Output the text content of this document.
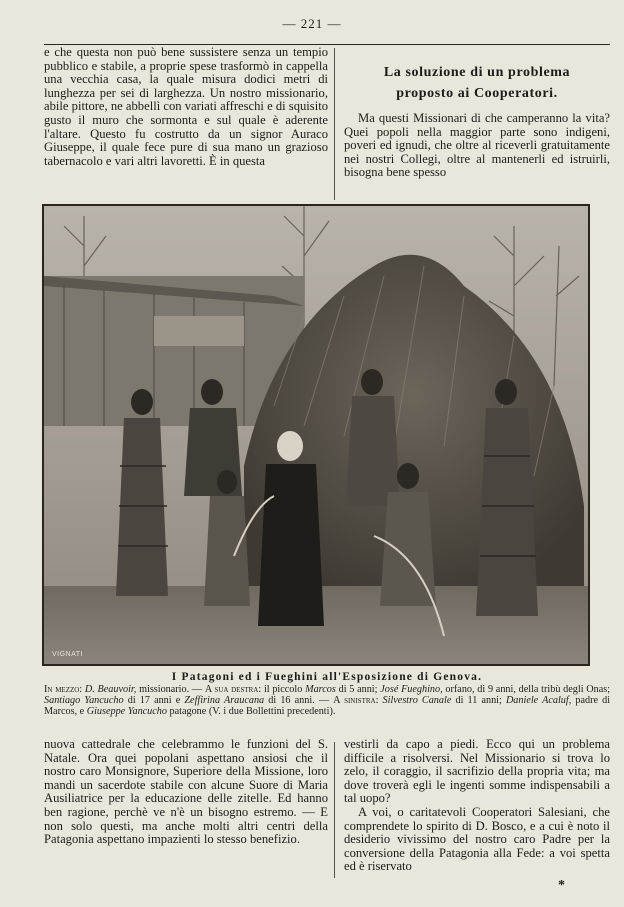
— 221 —

e che questa non può bene sussistere senza un tempio pubblico e stabile, a proprie spese trasformò in cappella una vecchia casa, la quale misura dodici metri di lunghezza per sei di larghezza. Un nostro missionario, abile pittore, ne abbellì con variati affreschi e di squisito gusto il muro che sormonta e sul quale è aderente l'altare. Questo fu costrutto da un signor Auraco Giuseppe, il quale fece pure di sua mano un grazioso tabernacolo e vari altri lavoretti. È in questa

La soluzione di un problema
proposto ai Cooperatori.

Ma questi Missionari di che camperanno la vita? Quei popoli nella maggior parte sono indigeni, poveri ed ignudi, che oltre al riceverli gratuitamente nei nostri Collegi, oltre al mantenerli ed istruirli, bisogna bene spesso

VIGNATI
I Patagoni ed i Fueghini all'Esposizione di Genova.

In mezzo: D. Beauvoir, missionario. — A sua destra: il piccolo Marcos di 5 anni; José Fueghino, orfano, di 9 anni, della tribù degli Onas; Santiago Yancucho di 17 anni e Zeffirina Araucana di 16 anni. — A sinistra: Silvestro Canale di 11 anni; Daniele Acaluf, padre di Marcos, e Giuseppe Yancucho patagone (V. i due Bollettini precedenti).

nuova cattedrale che celebrammo le funzioni del S. Natale. Ora quei popolani aspettano ansiosi che il nostro caro Monsignore, Superiore della Missione, loro mandi un sacerdote stabile con alcune Suore di Maria Ausiliatrice per la educazione delle zitelle. Ed hanno ben ragione, perchè ve n'è un bisogno estremo. — E non solo questi, ma anche molti altri centri della Patagonia aspettano impazienti lo stesso benefizio.

vestirli da capo a piedi. Ecco qui un problema difficile a risolversi. Nel Missionario si trova lo zelo, il coraggio, il sacrifizio della propria vita; ma dove troverà egli le ingenti somme indispensabili a tal uopo?

A voi, o caritatevoli Cooperatori Salesiani, che comprendete lo spirito di D. Bosco, e a cui è noto il desiderio vivissimo del nostro caro Padre per la conversione della Patagonia alla Fede: a voi spetta ed è riservato

*
